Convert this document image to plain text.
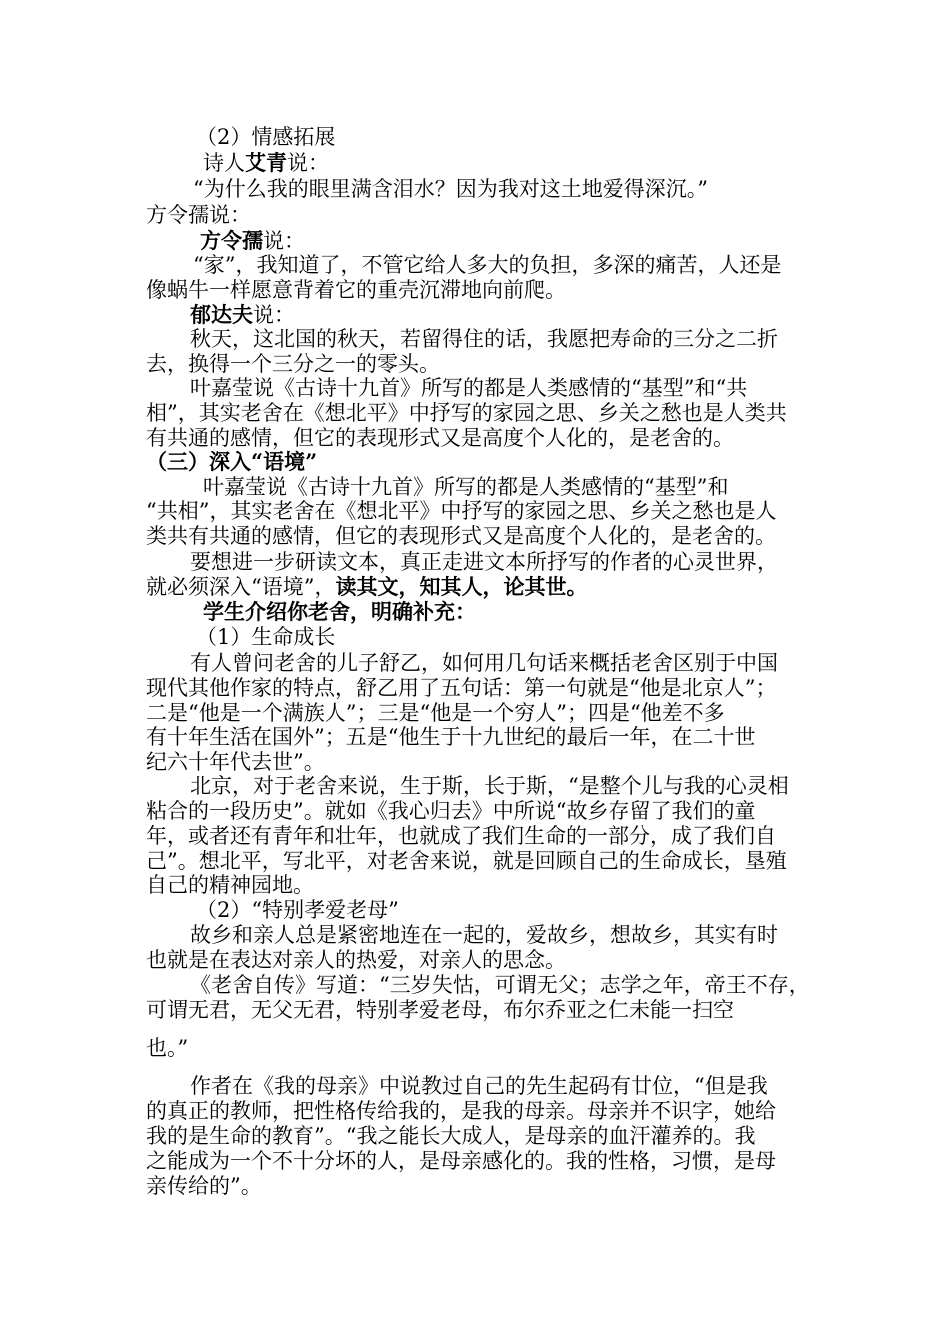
（2）情感拓展
诗人艾青说：
“为什么我的眼里满含泪水？因为我对这土地爱得深沉。”
方令孺说：
方令孺说：
“家”，我知道了，不管它给人多大的负担，多深的痛苦，人还是
像蜗牛一样愿意背着它的重壳沉滞地向前爬。
郁达夫说：
秋天，这北国的秋天，若留得住的话，我愿把寿命的三分之二折
去，换得一个三分之一的零头。
叶嘉莹说《古诗十九首》所写的都是人类感情的“基型”和“共
相”，其实老舍在《想北平》中抒写的家园之思、乡关之愁也是人类共
有共通的感情，但它的表现形式又是高度个人化的，是老舍的。
（三）深入“语境”
叶嘉莹说《古诗十九首》所写的都是人类感情的“基型”和
“共相”，其实老舍在《想北平》中抒写的家园之思、乡关之愁也是人
类共有共通的感情，但它的表现形式又是高度个人化的，是老舍的。
要想进一步研读文本，真正走进文本所抒写的作者的心灵世界，
就必须深入“语境”，读其文，知其人，论其世。
学生介绍你老舍，明确补充：
（1）生命成长
有人曾问老舍的儿子舒乙，如何用几句话来概括老舍区别于中国
现代其他作家的特点，舒乙用了五句话：第一句就是“他是北京人”；
二是“他是一个满族人”；三是“他是一个穷人”；四是“他差不多
有十年生活在国外”；五是“他生于十九世纪的最后一年，在二十世
纪六十年代去世”。
北京，对于老舍来说，生于斯，长于斯，“是整个儿与我的心灵相
粘合的一段历史”。就如《我心归去》中所说“故乡存留了我们的童
年，或者还有青年和壮年，也就成了我们生命的一部分，成了我们自
己”。想北平，写北平，对老舍来说，就是回顾自己的生命成长，垦殖
自己的精神园地。
（2）“特别孝爱老母”
故乡和亲人总是紧密地连在一起的，爱故乡，想故乡，其实有时
也就是在表达对亲人的热爱，对亲人的思念。
《老舍自传》写道：“三岁失怙，可谓无父；志学之年，帝王不存，
可谓无君，无父无君，特别孝爱老母，布尔乔亚之仁未能一扫空
也。”
作者在《我的母亲》中说教过自己的先生起码有廿位，“但是我
的真正的教师，把性格传给我的，是我的母亲。母亲并不识字，她给
我的是生命的教育”。“我之能长大成人，是母亲的血汗灌养的。我
之能成为一个不十分坏的人，是母亲感化的。我的性格，习惯，是母
亲传给的”。
